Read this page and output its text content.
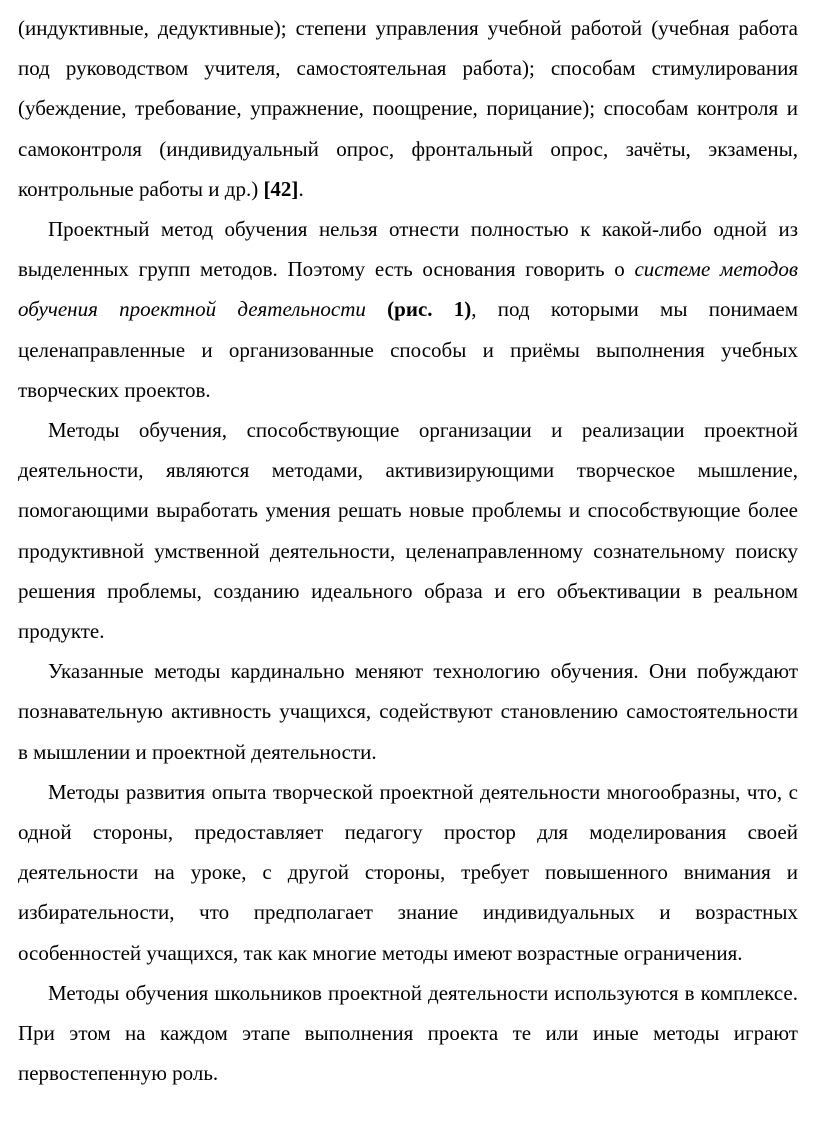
(индуктивные, дедуктивные); степени управления учебной работой (учебная работа под руководством учителя, самостоятельная работа); способам стимулирования (убеждение, требование, упражнение, поощрение, порицание); способам контроля и самоконтроля (индивидуальный опрос, фронтальный опрос, зачёты, экзамены, контрольные работы и др.) [42].

Проектный метод обучения нельзя отнести полностью к какой-либо одной из выделенных групп методов. Поэтому есть основания говорить о системе методов обучения проектной деятельности (рис. 1), под которыми мы понимаем целенаправленные и организованные способы и приёмы выполнения учебных творческих проектов.

Методы обучения, способствующие организации и реализации проектной деятельности, являются методами, активизирующими творческое мышление, помогающими выработать умения решать новые проблемы и способствующие более продуктивной умственной деятельности, целенаправленному сознательному поиску решения проблемы, созданию идеального образа и его объективации в реальном продукте.

Указанные методы кардинально меняют технологию обучения. Они побуждают познавательную активность учащихся, содействуют становлению самостоятельности в мышлении и проектной деятельности.

Методы развития опыта творческой проектной деятельности многообразны, что, с одной стороны, предоставляет педагогу простор для моделирования своей деятельности на уроке, с другой стороны, требует повышенного внимания и избирательности, что предполагает знание индивидуальных и возрастных особенностей учащихся, так как многие методы имеют возрастные ограничения.

Методы обучения школьников проектной деятельности используются в комплексе. При этом на каждом этапе выполнения проекта те или иные методы играют первостепенную роль.
